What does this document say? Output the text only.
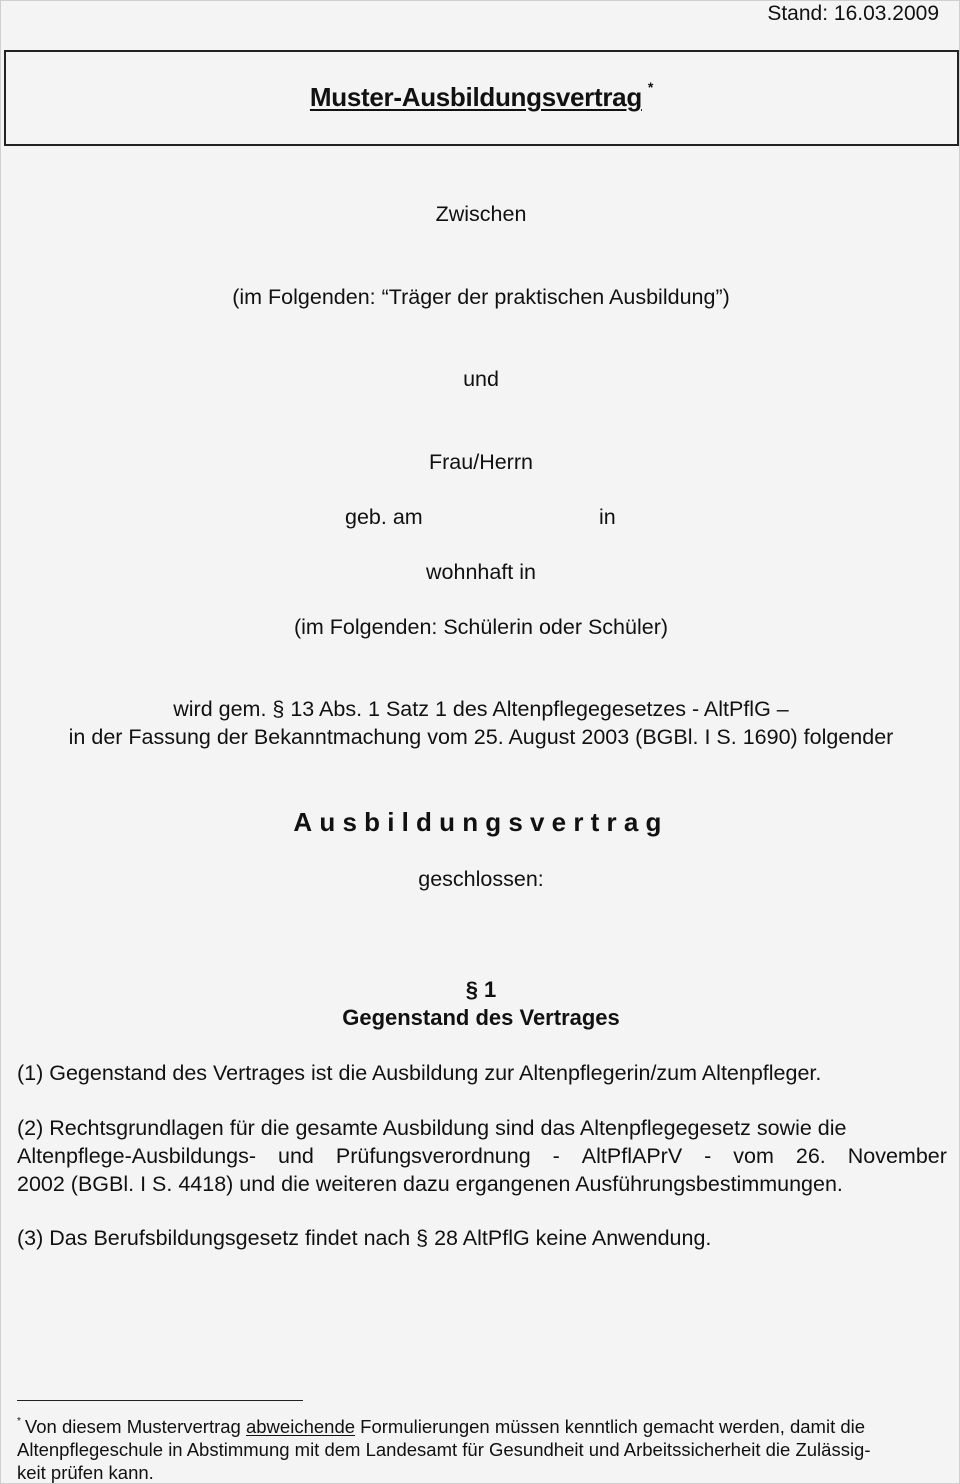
Stand: 16.03.2009
Muster-Ausbildungsvertrag *
Zwischen
(im Folgenden: “Träger der praktischen Ausbildung”)
und
Frau/Herrn
geb. am	in
wohnhaft in
(im Folgenden: Schülerin oder Schüler)
wird gem. § 13 Abs. 1 Satz 1 des Altenpflegegesetzes - AltPflG –
in der Fassung der Bekanntmachung vom 25. August 2003 (BGBl. I S. 1690) folgender
Ausbildungsvertrag
geschlossen:
§ 1
Gegenstand des Vertrages
(1) Gegenstand des Vertrages ist die Ausbildung zur Altenpflegerin/zum Altenpfleger.
(2) Rechtsgrundlagen für die gesamte Ausbildung sind das Altenpflegegesetz sowie die
Altenpflege-Ausbildungs- und Prüfungsverordnung - AltPflAPrV - vom 26. November
2002 (BGBl. I S. 4418) und die weiteren dazu ergangenen Ausführungsbestimmungen.
(3) Das Berufsbildungsgesetz findet nach § 28 AltPflG keine Anwendung.
* Von diesem Mustervertrag abweichende Formulierungen müssen kenntlich gemacht werden, damit die
Altenpflegeschule in Abstimmung mit dem Landesamt für Gesundheit und Arbeitssicherheit die Zulässig-
keit prüfen kann.
